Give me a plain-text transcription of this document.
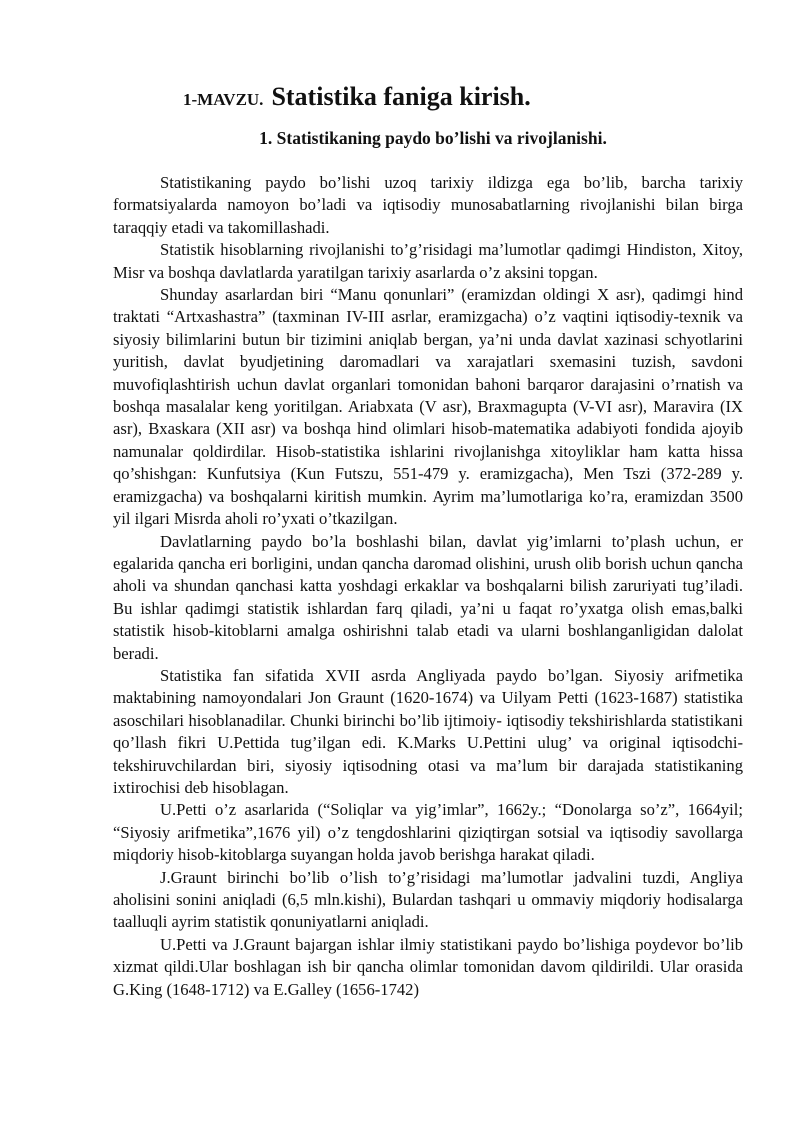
1-MAVZU. Statistika faniga kirish.
1. Statistikaning paydo bo’lishi va rivojlanishi.

Statistikaning paydo bo’lishi uzoq tarixiy ildizga ega bo’lib, barcha tarixiy formatsiyalarda namoyon bo’ladi va iqtisodiy munosabatlarning rivojlanishi bilan birga taraqqiy etadi va takomillashadi.

Statistik hisoblarning rivojlanishi to’g’risidagi ma’lumotlar qadimgi Hindiston, Xitoy, Misr va boshqa davlatlarda yaratilgan tarixiy asarlarda o’z aksini topgan.

Shunday asarlardan biri “Manu qonunlari” (eramizdan oldingi X asr), qadimgi hind traktati “Artxashastra” (taxminan IV-III asrlar, eramizgacha) o’z vaqtini iqtisodiy-texnik va siyosiy bilimlarini butun bir tizimini aniqlab bergan, ya’ni unda davlat xazinasi schyotlarini yuritish, davlat byudjetining daromadlari va xarajatlari sxemasini tuzish, savdoni muvofiqlashtirish uchun davlat organlari tomonidan bahoni barqaror darajasini o’rnatish va boshqa masalalar keng yoritilgan. Ariabxata (V asr), Braxmagupta (V-VI asr), Maravira (IX asr), Bxaskara (XII asr) va boshqa hind olimlari hisob-matematika adabiyoti fondida ajoyib namunalar qoldirdilar. Hisob-statistika ishlarini rivojlanishga xitoyliklar ham katta hissa qo’shishgan: Kunfutsiya (Kun Futszu, 551-479 y. eramizgacha), Men Tszi (372-289 y. eramizgacha) va boshqalarni kiritish mumkin. Ayrim ma’lumotlariga ko’ra, eramizdan 3500 yil ilgari Misrda aholi ro’yxati o’tkazilgan.

Davlatlarning paydo bo’la boshlashi bilan, davlat yig’imlarni to’plash uchun, er egalarida qancha eri borligini, undan qancha daromad olishini, urush olib borish uchun qancha aholi va shundan qanchasi katta yoshdagi erkaklar va boshqalarni bilish zaruriyati tug’iladi. Bu ishlar qadimgi statistik ishlardan farq qiladi, ya’ni u faqat ro’yxatga olish emas,balki statistik hisob-kitoblarni amalga oshirishni talab etadi va ularni boshlanganligidan dalolat beradi.

Statistika fan sifatida XVII asrda Angliyada paydo bo’lgan. Siyosiy arifmetika maktabining namoyondalari Jon Graunt (1620-1674) va Uilyam Petti (1623-1687) statistika asoschilari hisoblanadilar. Chunki birinchi bo’lib ijtimoiy- iqtisodiy tekshirishlarda statistikani qo’llash fikri U.Pettida tug’ilgan edi. K.Marks U.Pettini ulug’ va original iqtisodchi-tekshiruvchilardan biri, siyosiy iqtisodning otasi va ma’lum bir darajada statistikaning ixtirochisi deb hisoblagan.

U.Petti o’z asarlarida (“Soliqlar va yig’imlar”, 1662y.; “Donolarga so’z”, 1664yil; “Siyosiy arifmetika”,1676 yil) o’z tengdoshlarini qiziqtirgan sotsial va iqtisodiy savollarga miqdoriy hisob-kitoblarga suyangan holda javob berishga harakat qiladi.

J.Graunt birinchi bo’lib o’lish to’g’risidagi ma’lumotlar jadvalini tuzdi, Angliya aholisini sonini aniqladi (6,5 mln.kishi), Bulardan tashqari u ommaviy miqdoriy hodisalarga taalluqli ayrim statistik qonuniyatlarni aniqladi.

U.Petti va J.Graunt bajargan ishlar ilmiy statistikani paydo bo’lishiga poydevor bo’lib xizmat qildi.Ular boshlagan ish bir qancha olimlar tomonidan davom qildirildi. Ular orasida G.King (1648-1712) va E.Galley (1656-1742)
